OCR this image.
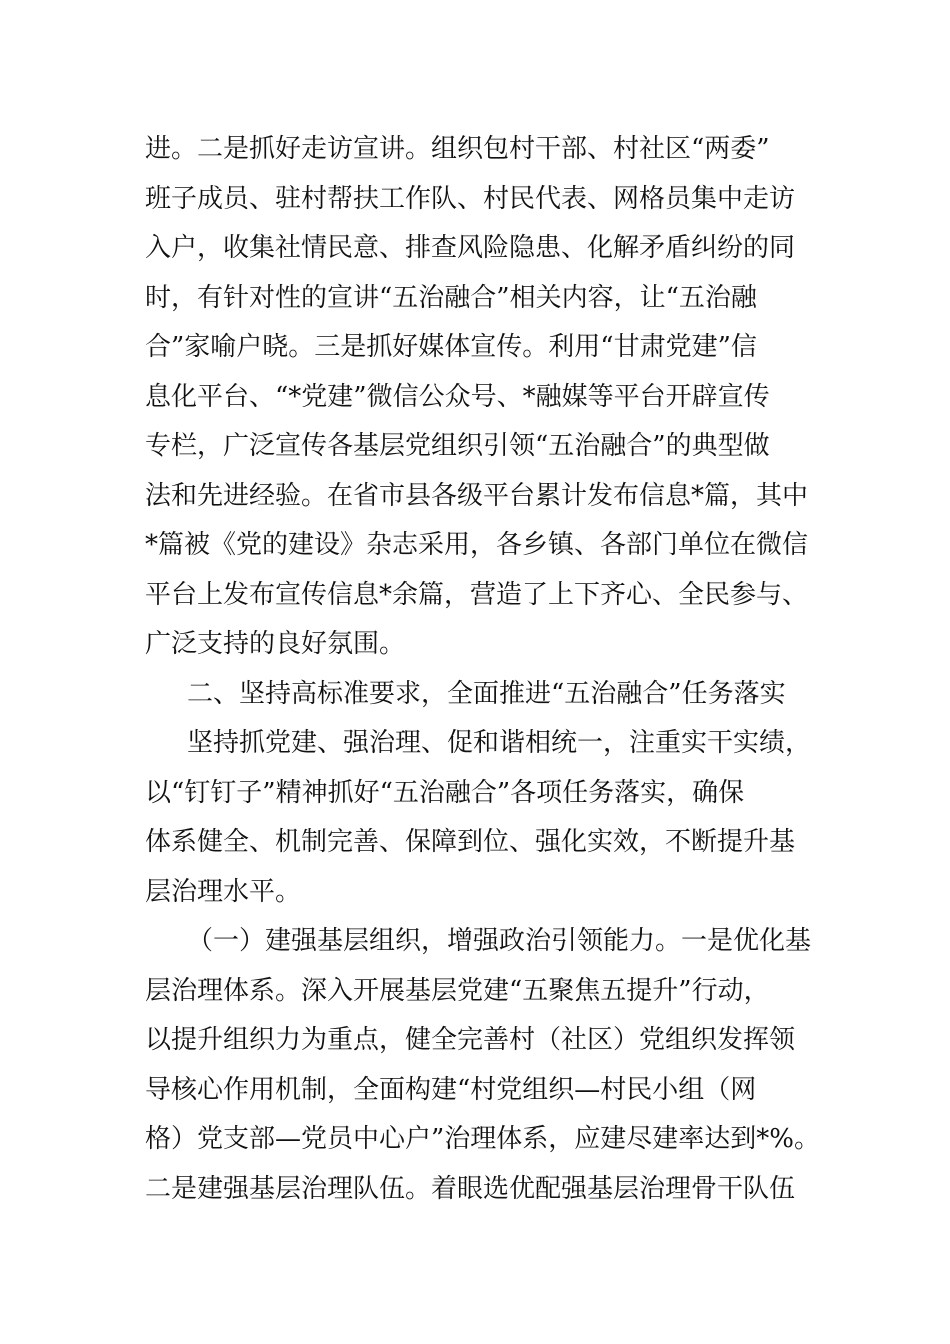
进。二是抓好走访宣讲。组织包村干部、村社区“两委”
班子成员、驻村帮扶工作队、村民代表、网格员集中走访
入户，收集社情民意、排查风险隐患、化解矛盾纠纷的同
时，有针对性的宣讲“五治融合”相关内容，让“五治融
合”家喻户晓。三是抓好媒体宣传。利用“甘肃党建”信
息化平台、“*党建”微信公众号、*融媒等平台开辟宣传
专栏，广泛宣传各基层党组织引领“五治融合”的典型做
法和先进经验。在省市县各级平台累计发布信息*篇，其中
*篇被《党的建设》杂志采用，各乡镇、各部门单位在微信
平台上发布宣传信息*余篇，营造了上下齐心、全民参与、
广泛支持的良好氛围。
二、坚持高标准要求，全面推进“五治融合”任务落实
坚持抓党建、强治理、促和谐相统一，注重实干实绩，
以“钉钉子”精神抓好“五治融合”各项任务落实，确保
体系健全、机制完善、保障到位、强化实效，不断提升基
层治理水平。
（一）建强基层组织，增强政治引领能力。一是优化基
层治理体系。深入开展基层党建“五聚焦五提升”行动，
以提升组织力为重点，健全完善村（社区）党组织发挥领
导核心作用机制，全面构建“村党组织—村民小组（网
格）党支部—党员中心户”治理体系，应建尽建率达到*%。
二是建强基层治理队伍。着眼选优配强基层治理骨干队伍
